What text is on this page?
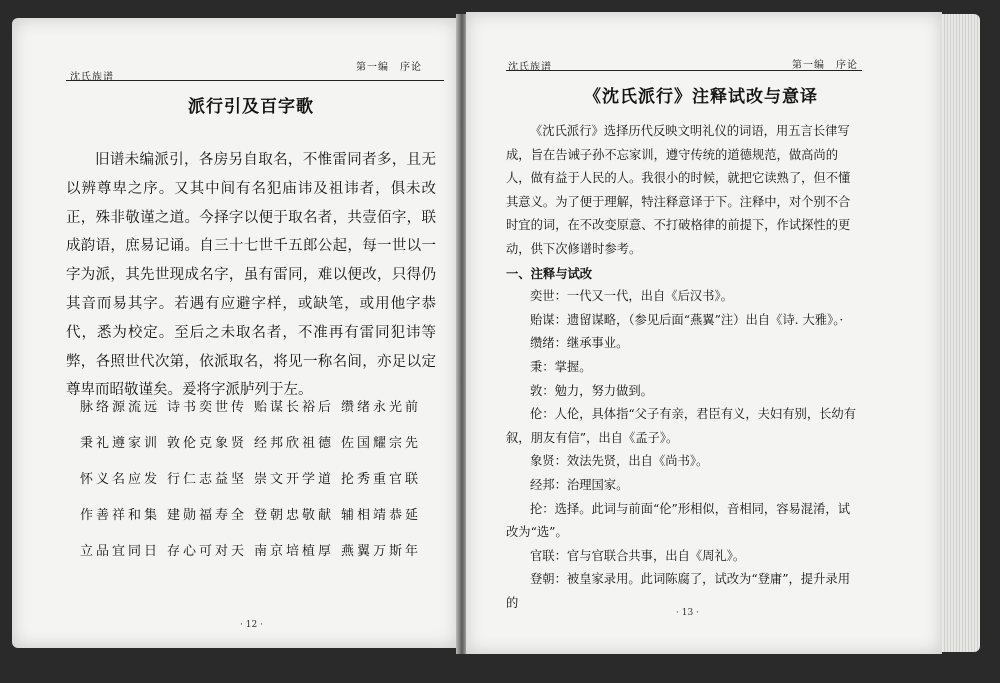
沈氏族谱
第一编　序论
派行引及百字歌
旧谱未编派引，各房另自取名，不惟雷同者多，且无以辨尊卑之序。又其中间有名犯庙讳及祖讳者，俱未改正，殊非敬谨之道。今择字以便于取名者，共壹佰字，联成韵语，庶易记诵。自三十七世千五郎公起，每一世以一字为派，其先世现成名字，虽有雷同，难以便改，只得仍其音而易其字。若遇有应避字样，或缺笔，或用他字恭代，悉为校定。至后之未取名者，不准再有雷同犯讳等弊，各照世代次第，依派取名，将见一称名间，亦足以定尊卑而昭敬谨矣。爰将字派胪列于左。
脉络源流远 诗书奕世传 贻谋长裕后 缵绪永光前
秉礼遵家训 敦伦克象贤 经邦欣祖德 佐国耀宗先
怀义名应发 行仁志益坚 崇文开学道 抡秀重官联
作善祥和集 建勋福寿全 登朝忠敬献 辅相靖恭延
立品宜同日 存心可对天 南京培植厚 燕翼万斯年
· 12 ·
沈氏族谱	第一编　序论
《沈氏派行》注释试改与意译

《沈氏派行》选择历代反映文明礼仪的词语，用五言长律写成，旨在告诫子孙不忘家训，遵守传统的道德规范，做高尚的人，做有益于人民的人。我很小的时候，就把它读熟了，但不懂其意义。为了便于理解，特注释意译于下。注释中，对个别不合时宜的词，在不改变原意、不打破格律的前提下，作试探性的更动，供下次修谱时参考。

一、注释与试改

奕世：一代又一代，出自《后汉书》。

贻谋：遗留谋略，（参见后面“燕翼”注）出自《诗. 大雅》。·

缵绪：继承事业。

秉：掌握。

敦：勉力，努力做到。

伦：人伦，具体指“父子有亲，君臣有义，夫妇有别，长幼有叙，朋友有信”，出自《孟子》。

象贤：效法先贤，出自《尚书》。

经邦：治理国家。

抡：选择。此词与前面“伦”形相似，音相同，容易混淆，试改为“选”。

官联：官与官联合共事，出自《周礼》。

登朝：被皇家录用。此词陈腐了，试改为“登庸”，提升录用的

· 13 ·
